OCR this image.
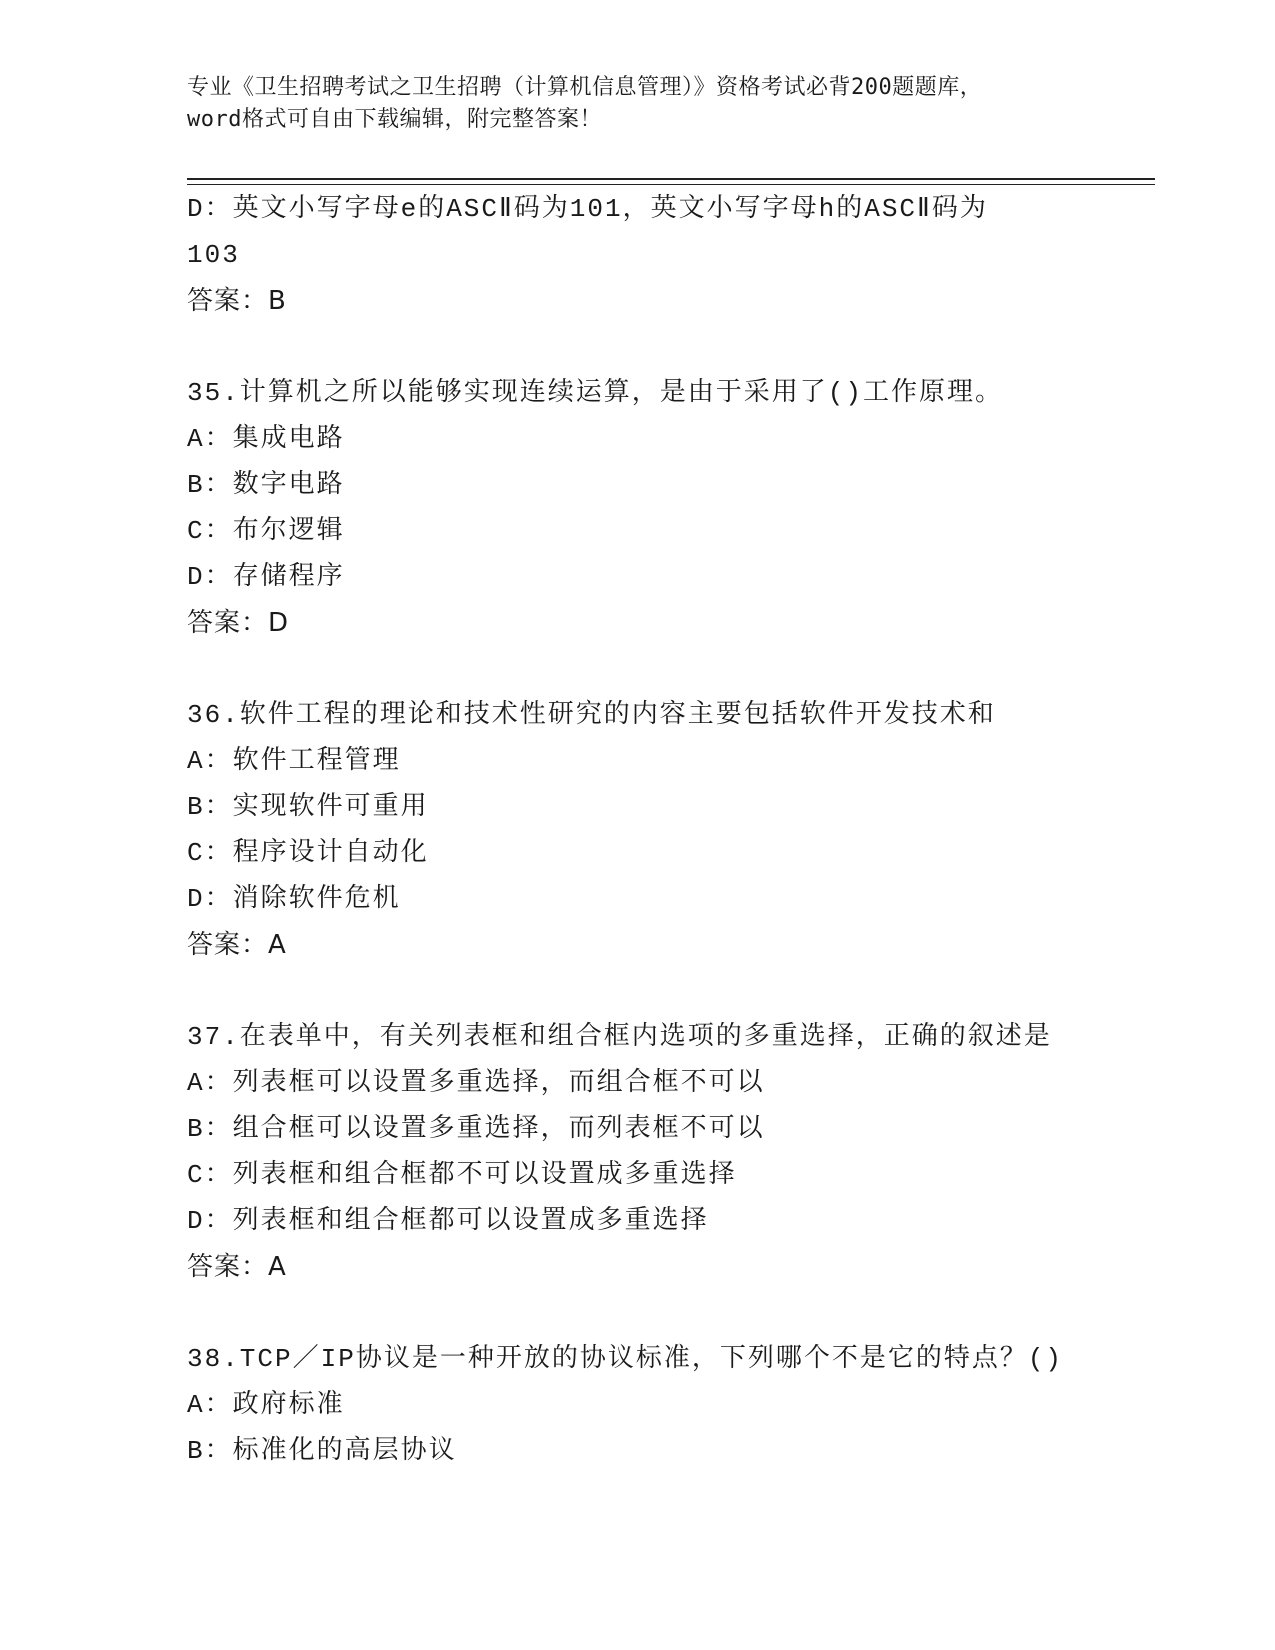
专业《卫生招聘考试之卫生招聘（计算机信息管理）》资格考试必背200题题库，
word格式可自由下载编辑，附完整答案！
D：英文小写字母e的ASCⅡ码为101，英文小写字母h的ASCⅡ码为
103
答案：B
35.计算机之所以能够实现连续运算，是由于采用了()工作原理。
A：集成电路
B：数字电路
C：布尔逻辑
D：存储程序
答案：D
36.软件工程的理论和技术性研究的内容主要包括软件开发技术和
A：软件工程管理
B：实现软件可重用
C：程序设计自动化
D：消除软件危机
答案：A
37.在表单中，有关列表框和组合框内选项的多重选择，正确的叙述是
A：列表框可以设置多重选择，而组合框不可以
B：组合框可以设置多重选择，而列表框不可以
C：列表框和组合框都不可以设置成多重选择
D：列表框和组合框都可以设置成多重选择
答案：A
38.TCP／IP协议是一种开放的协议标准，下列哪个不是它的特点？()
A：政府标准
B：标准化的高层协议
